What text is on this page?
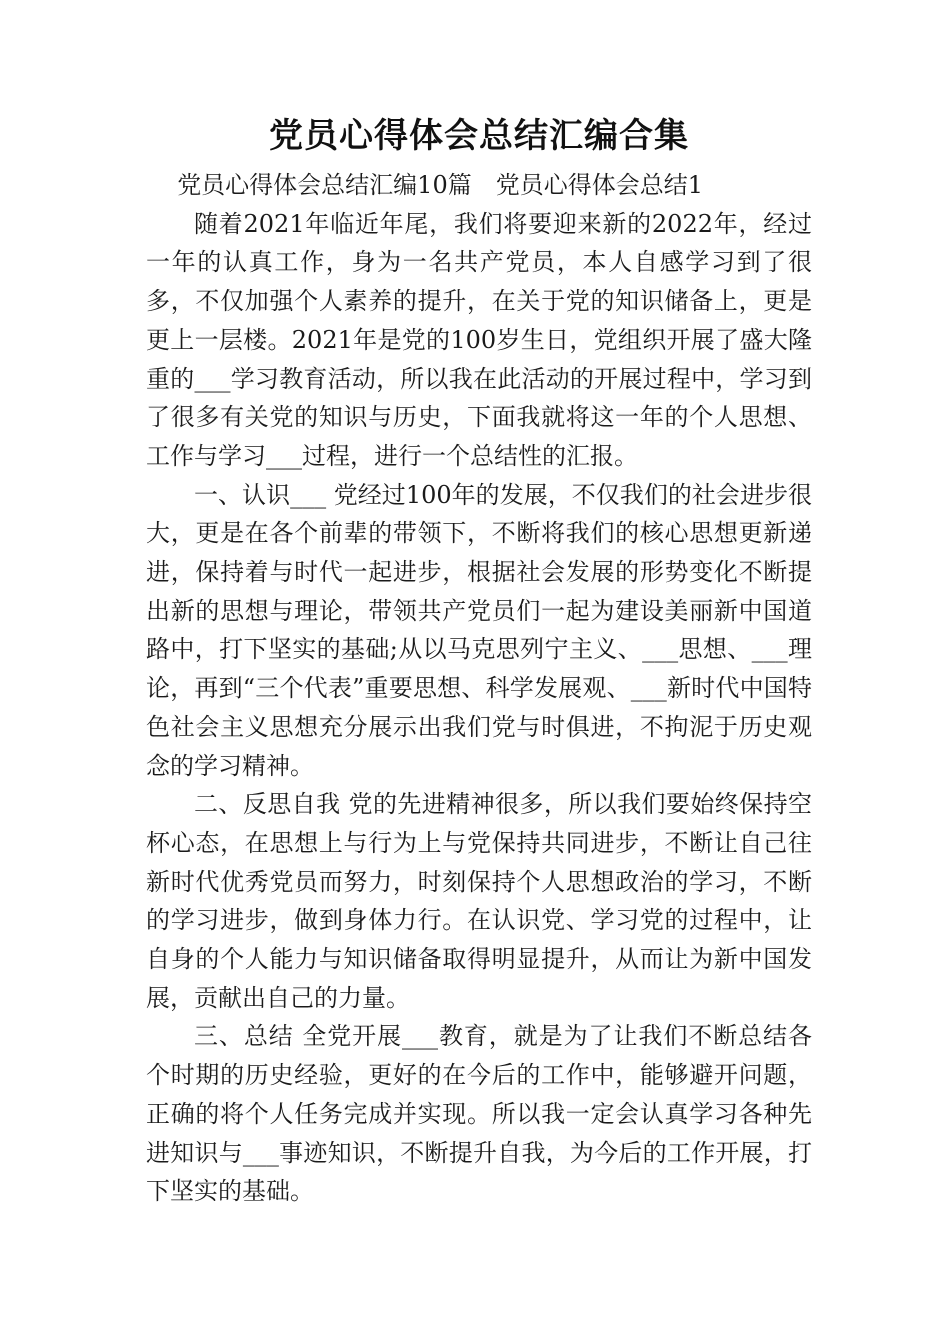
党员心得体会总结汇编合集

党员心得体会总结汇编10篇　党员心得体会总结1

随着2021年临近年尾，我们将要迎来新的2022年，经过一年的认真工作，身为一名共产党员，本人自感学习到了很多，不仅加强个人素养的提升，在关于党的知识储备上，更是更上一层楼。2021年是党的100岁生日，党组织开展了盛大隆重的___学习教育活动，所以我在此活动的开展过程中，学习到了很多有关党的知识与历史，下面我就将这一年的个人思想、工作与学习___过程，进行一个总结性的汇报。

一、认识___ 党经过100年的发展，不仅我们的社会进步很大，更是在各个前辈的带领下，不断将我们的核心思想更新递进，保持着与时代一起进步，根据社会发展的形势变化不断提出新的思想与理论，带领共产党员们一起为建设美丽新中国道路中，打下坚实的基础;从以马克思列宁主义、___思想、___理论，再到“三个代表”重要思想、科学发展观、___新时代中国特色社会主义思想充分展示出我们党与时俱进，不拘泥于历史观念的学习精神。

二、反思自我 党的先进精神很多，所以我们要始终保持空杯心态，在思想上与行为上与党保持共同进步，不断让自己往新时代优秀党员而努力，时刻保持个人思想政治的学习，不断的学习进步，做到身体力行。在认识党、学习党的过程中，让自身的个人能力与知识储备取得明显提升，从而让为新中国发展，贡献出自己的力量。

三、总结 全党开展___教育，就是为了让我们不断总结各个时期的历史经验，更好的在今后的工作中，能够避开问题，正确的将个人任务完成并实现。所以我一定会认真学习各种先进知识与___事迹知识，不断提升自我，为今后的工作开展，打下坚实的基础。
